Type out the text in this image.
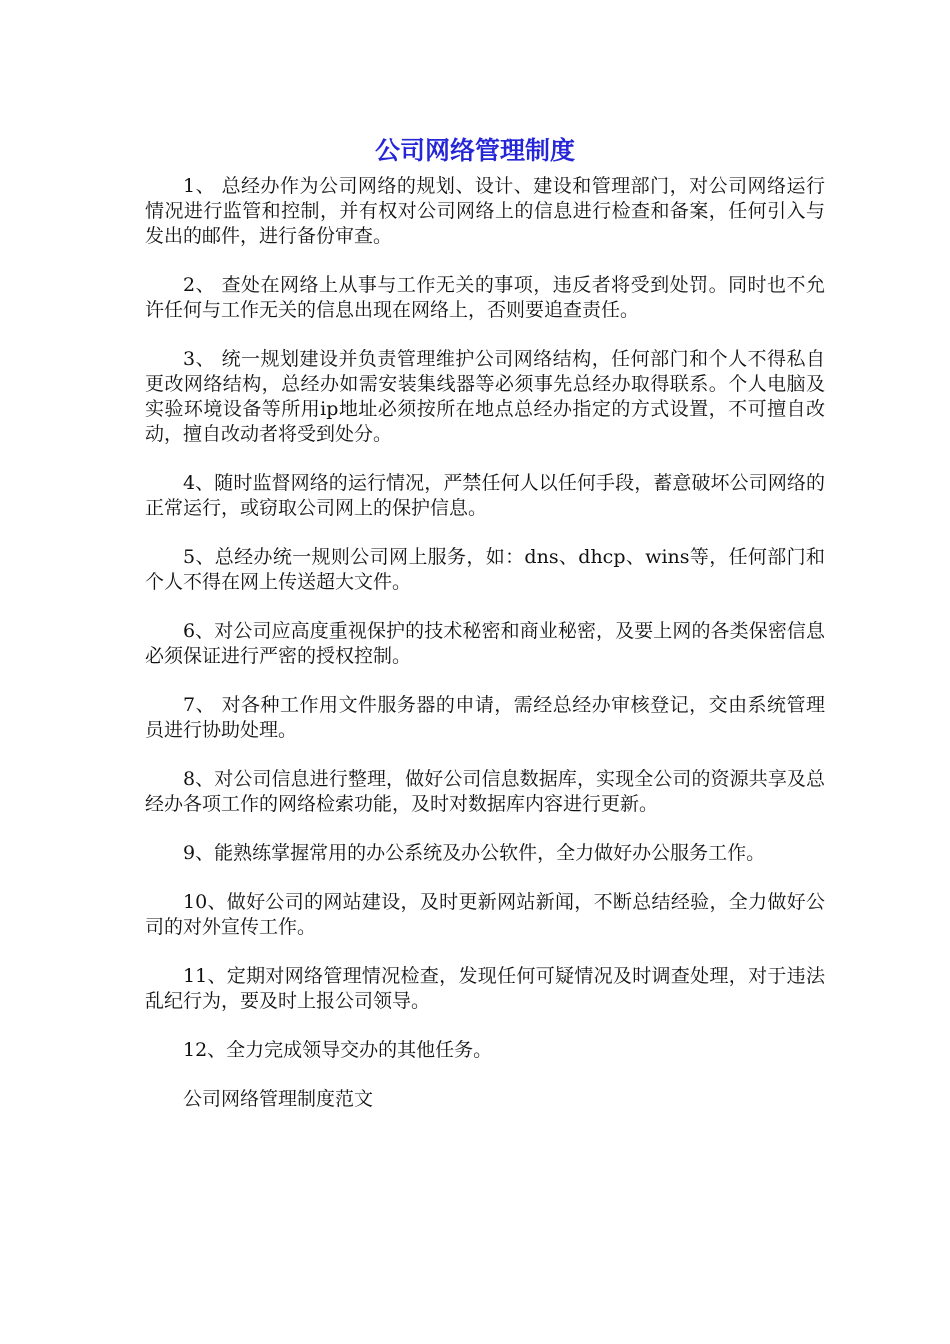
公司网络管理制度

1、 总经办作为公司网络的规划、设计、建设和管理部门，对公司网络运行情况进行监管和控制，并有权对公司网络上的信息进行检查和备案，任何引入与发出的邮件，进行备份审查。

2、 查处在网络上从事与工作无关的事项，违反者将受到处罚。同时也不允许任何与工作无关的信息出现在网络上，否则要追查责任。

3、 统一规划建设并负责管理维护公司网络结构，任何部门和个人不得私自更改网络结构，总经办如需安装集线器等必须事先总经办取得联系。个人电脑及实验环境设备等所用ip地址必须按所在地点总经办指定的方式设置，不可擅自改动，擅自改动者将受到处分。

4、随时监督网络的运行情况，严禁任何人以任何手段，蓄意破坏公司网络的正常运行，或窃取公司网上的保护信息。

5、总经办统一规则公司网上服务，如：dns、dhcp、wins等，任何部门和个人不得在网上传送超大文件。

6、对公司应高度重视保护的技术秘密和商业秘密，及要上网的各类保密信息必须保证进行严密的授权控制。

7、 对各种工作用文件服务器的申请，需经总经办审核登记，交由系统管理员进行协助处理。

8、对公司信息进行整理，做好公司信息数据库，实现全公司的资源共享及总经办各项工作的网络检索功能，及时对数据库内容进行更新。

9、能熟练掌握常用的办公系统及办公软件，全力做好办公服务工作。

10、做好公司的网站建设，及时更新网站新闻，不断总结经验，全力做好公司的对外宣传工作。

11、定期对网络管理情况检查，发现任何可疑情况及时调查处理，对于违法乱纪行为，要及时上报公司领导。

12、全力完成领导交办的其他任务。

公司网络管理制度范文
